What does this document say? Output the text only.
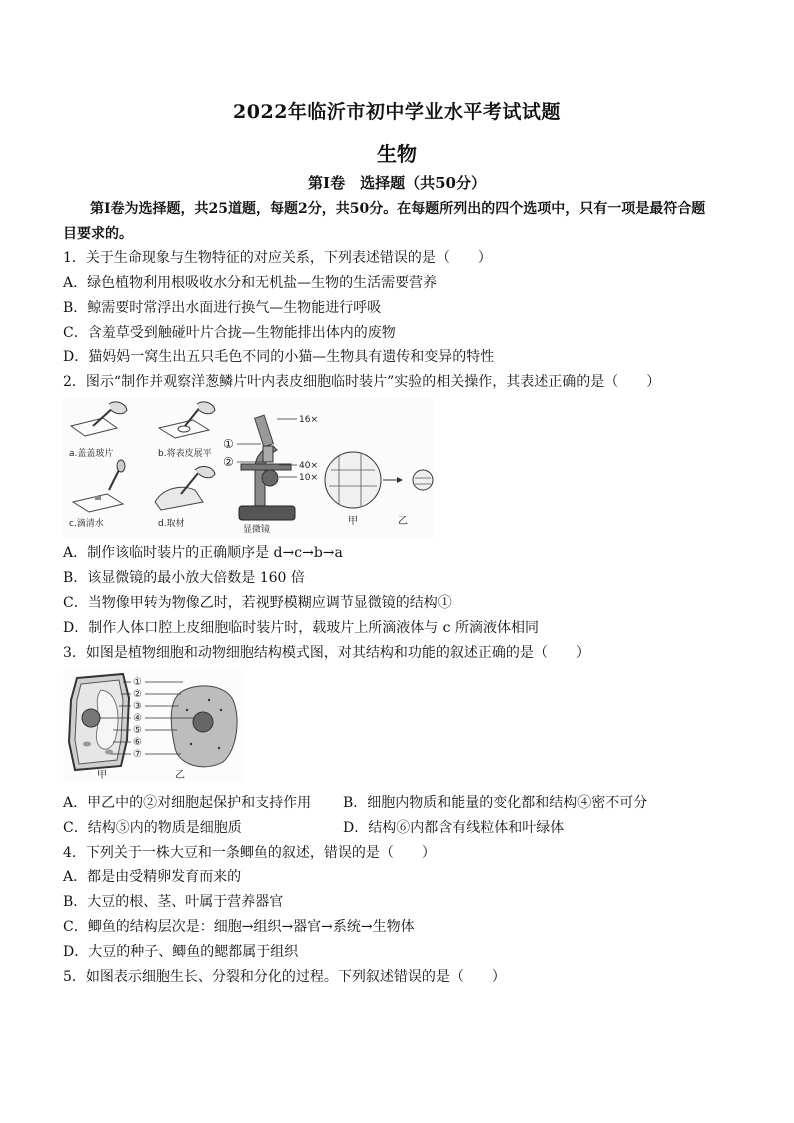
2022年临沂市初中学业水平考试试题
生物
第Ⅰ卷　选择题（共50分）
第Ⅰ卷为选择题，共25道题，每题2分，共50分。在每题所列出的四个选项中，只有一项是最符合题
目要求的。
1．关于生命现象与生物特征的对应关系，下列表述错误的是（　　）
A．绿色植物利用根吸收水分和无机盐—生物的生活需要营养
B．鲸需要时常浮出水面进行换气—生物能进行呼吸
C．含羞草受到触碰叶片合拢—生物能排出体内的废物
D．猫妈妈一窝生出五只毛色不同的小猫—生物具有遗传和变异的特性
2．图示“制作并观察洋葱鳞片叶内表皮细胞临时装片”实验的相关操作，其表述正确的是（　　）
a.盖盖玻片	b.将表皮展平
c.滴清水	d.取材
①
②
16×
40×
10×
显微镜
甲	乙
A．制作该临时装片的正确顺序是 d→c→b→a
B．该显微镜的最小放大倍数是 160 倍
C．当物像甲转为物像乙时，若视野模糊应调节显微镜的结构①
D．制作人体口腔上皮细胞临时装片时，载玻片上所滴液体与 c 所滴液体相同
3．如图是植物细胞和动物细胞结构模式图，对其结构和功能的叙述正确的是（　　）
甲	乙
①
②
③
④
⑤
⑥
⑦
A．甲乙中的②对细胞起保护和支持作用 B．细胞内物质和能量的变化都和结构④密不可分
C．结构⑤内的物质是细胞质	D．结构⑥内都含有线粒体和叶绿体
4．下列关于一株大豆和一条鲫鱼的叙述，错误的是（　　）
A．都是由受精卵发育而来的
B．大豆的根、茎、叶属于营养器官
C．鲫鱼的结构层次是：细胞→组织→器官→系统→生物体
D．大豆的种子、鲫鱼的鳃都属于组织
5．如图表示细胞生长、分裂和分化的过程。下列叙述错误的是（　　）
